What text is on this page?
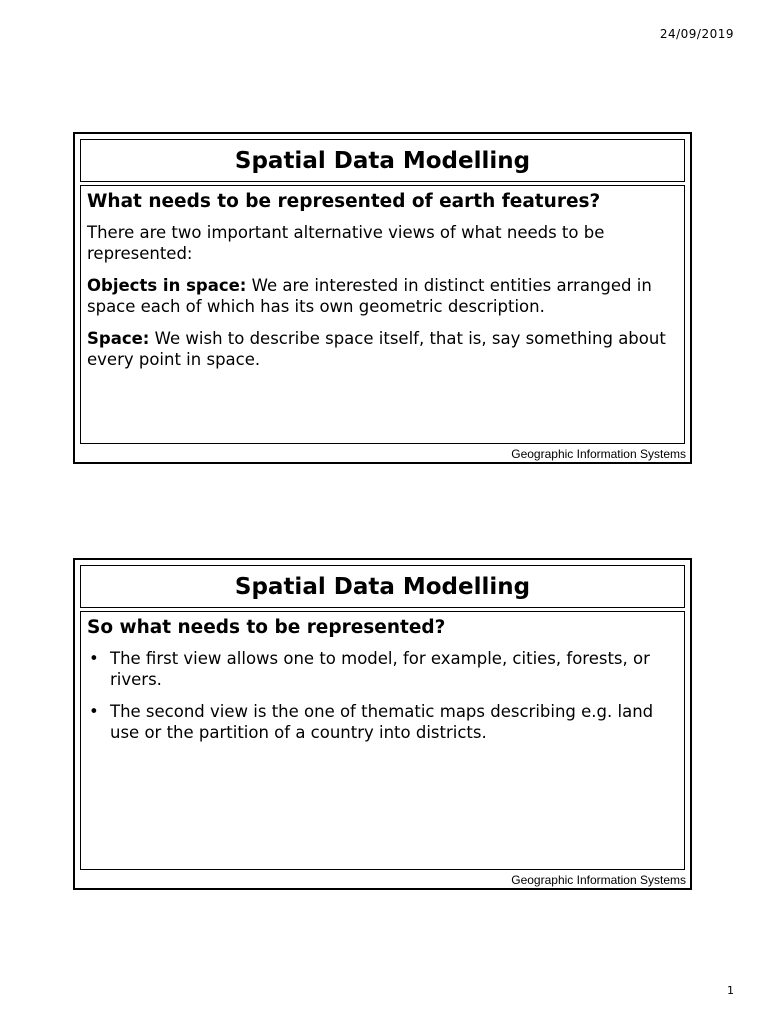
24/09/2019
Spatial Data Modelling
What needs to be represented of earth features?

There are two important alternative views of what needs to be represented:

Objects in space: We are interested in distinct entities arranged in space each of which has its own geometric description.

Space: We wish to describe space itself, that is, say something about every point in space.

Geographic Information Systems
Spatial Data Modelling
So what needs to be represented?
• The first view allows one to model, for example, cities, forests, or rivers.
• The second view is the one of thematic maps describing e.g. land use or the partition of a country into districts.
Geographic Information Systems
1
